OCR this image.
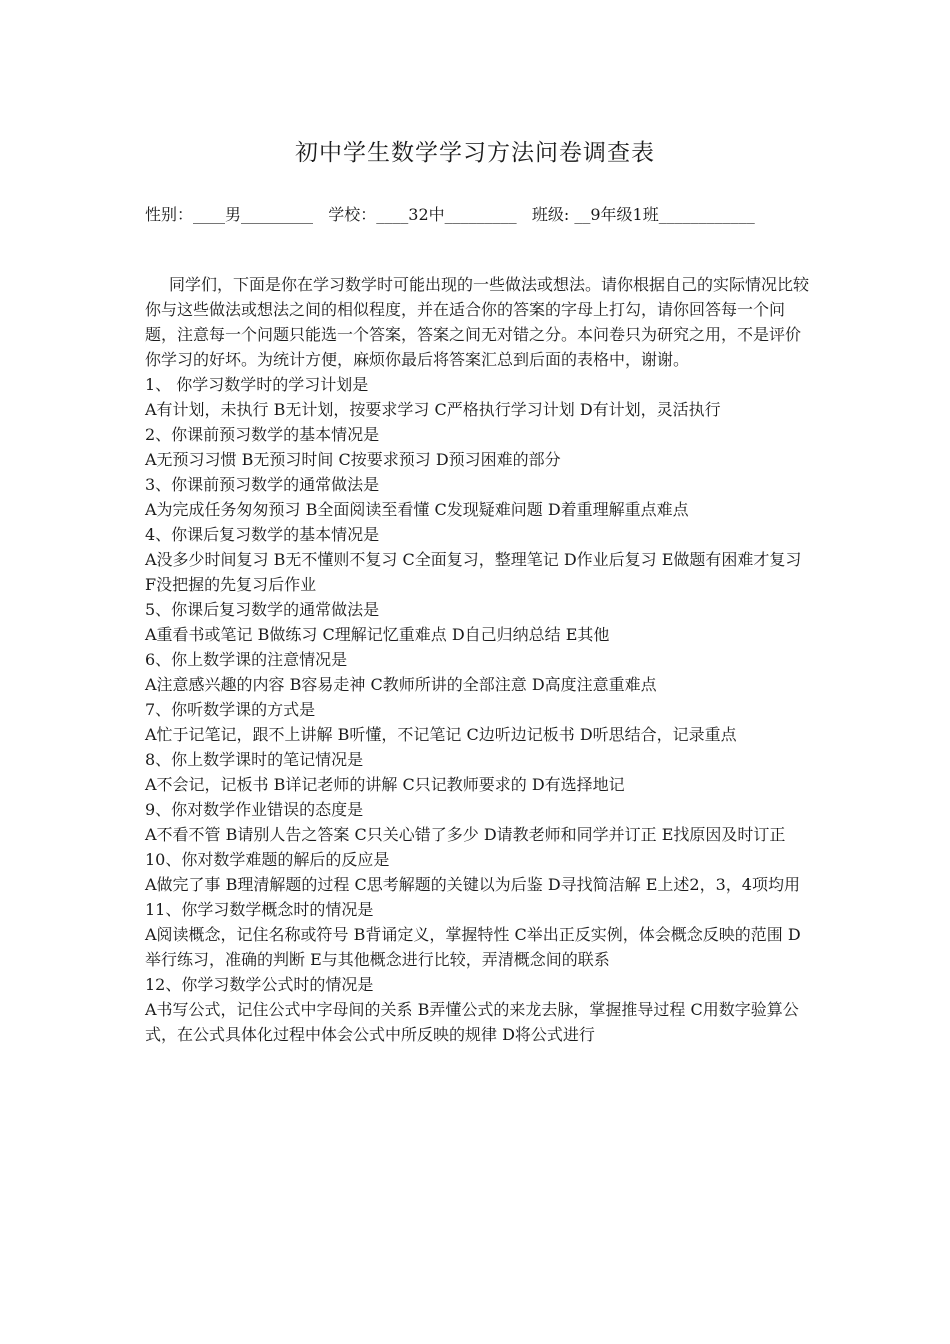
初中学生数学学习方法问卷调查表
性别：____男_________   学校：____32中_________   班级: __9年级1班____________
同学们，下面是你在学习数学时可能出现的一些做法或想法。请你根据自己的实际情况比较你与这些做法或想法之间的相似程度，并在适合你的答案的字母上打勾，请你回答每一个问题，注意每一个问题只能选一个答案，答案之间无对错之分。本问卷只为研究之用，不是评价你学习的好坏。为统计方便，麻烦你最后将答案汇总到后面的表格中，谢谢。
1、 你学习数学时的学习计划是
A有计划，未执行 B无计划，按要求学习 C严格执行学习计划 D有计划，灵活执行
2、你课前预习数学的基本情况是
A无预习习惯 B无预习时间 C按要求预习 D预习困难的部分
3、你课前预习数学的通常做法是
A为完成任务匆匆预习 B全面阅读至看懂 C发现疑难问题 D着重理解重点难点
4、你课后复习数学的基本情况是
A没多少时间复习 B无不懂则不复习 C全面复习，整理笔记 D作业后复习 E做题有困难才复习 F没把握的先复习后作业
5、你课后复习数学的通常做法是
A重看书或笔记 B做练习 C理解记忆重难点 D自己归纳总结 E其他
6、你上数学课的注意情况是
A注意感兴趣的内容 B容易走神 C教师所讲的全部注意 D高度注意重难点
7、你听数学课的方式是
A忙于记笔记，跟不上讲解 B听懂，不记笔记 C边听边记板书 D听思结合，记录重点
8、你上数学课时的笔记情况是
A不会记，记板书 B详记老师的讲解 C只记教师要求的 D有选择地记
9、你对数学作业错误的态度是
A不看不管 B请别人告之答案 C只关心错了多少 D请教老师和同学并订正 E找原因及时订正
10、你对数学难题的解后的反应是
A做完了事 B理清解题的过程 C思考解题的关键以为后鉴 D寻找简洁解 E上述2，3，4项均用
11、你学习数学概念时的情况是
A阅读概念，记住名称或符号 B背诵定义，掌握特性 C举出正反实例，体会概念反映的范围 D举行练习，准确的判断 E与其他概念进行比较，弄清概念间的联系
12、你学习数学公式时的情况是
A书写公式，记住公式中字母间的关系 B弄懂公式的来龙去脉，掌握推导过程 C用数字验算公式，在公式具体化过程中体会公式中所反映的规律 D将公式进行
